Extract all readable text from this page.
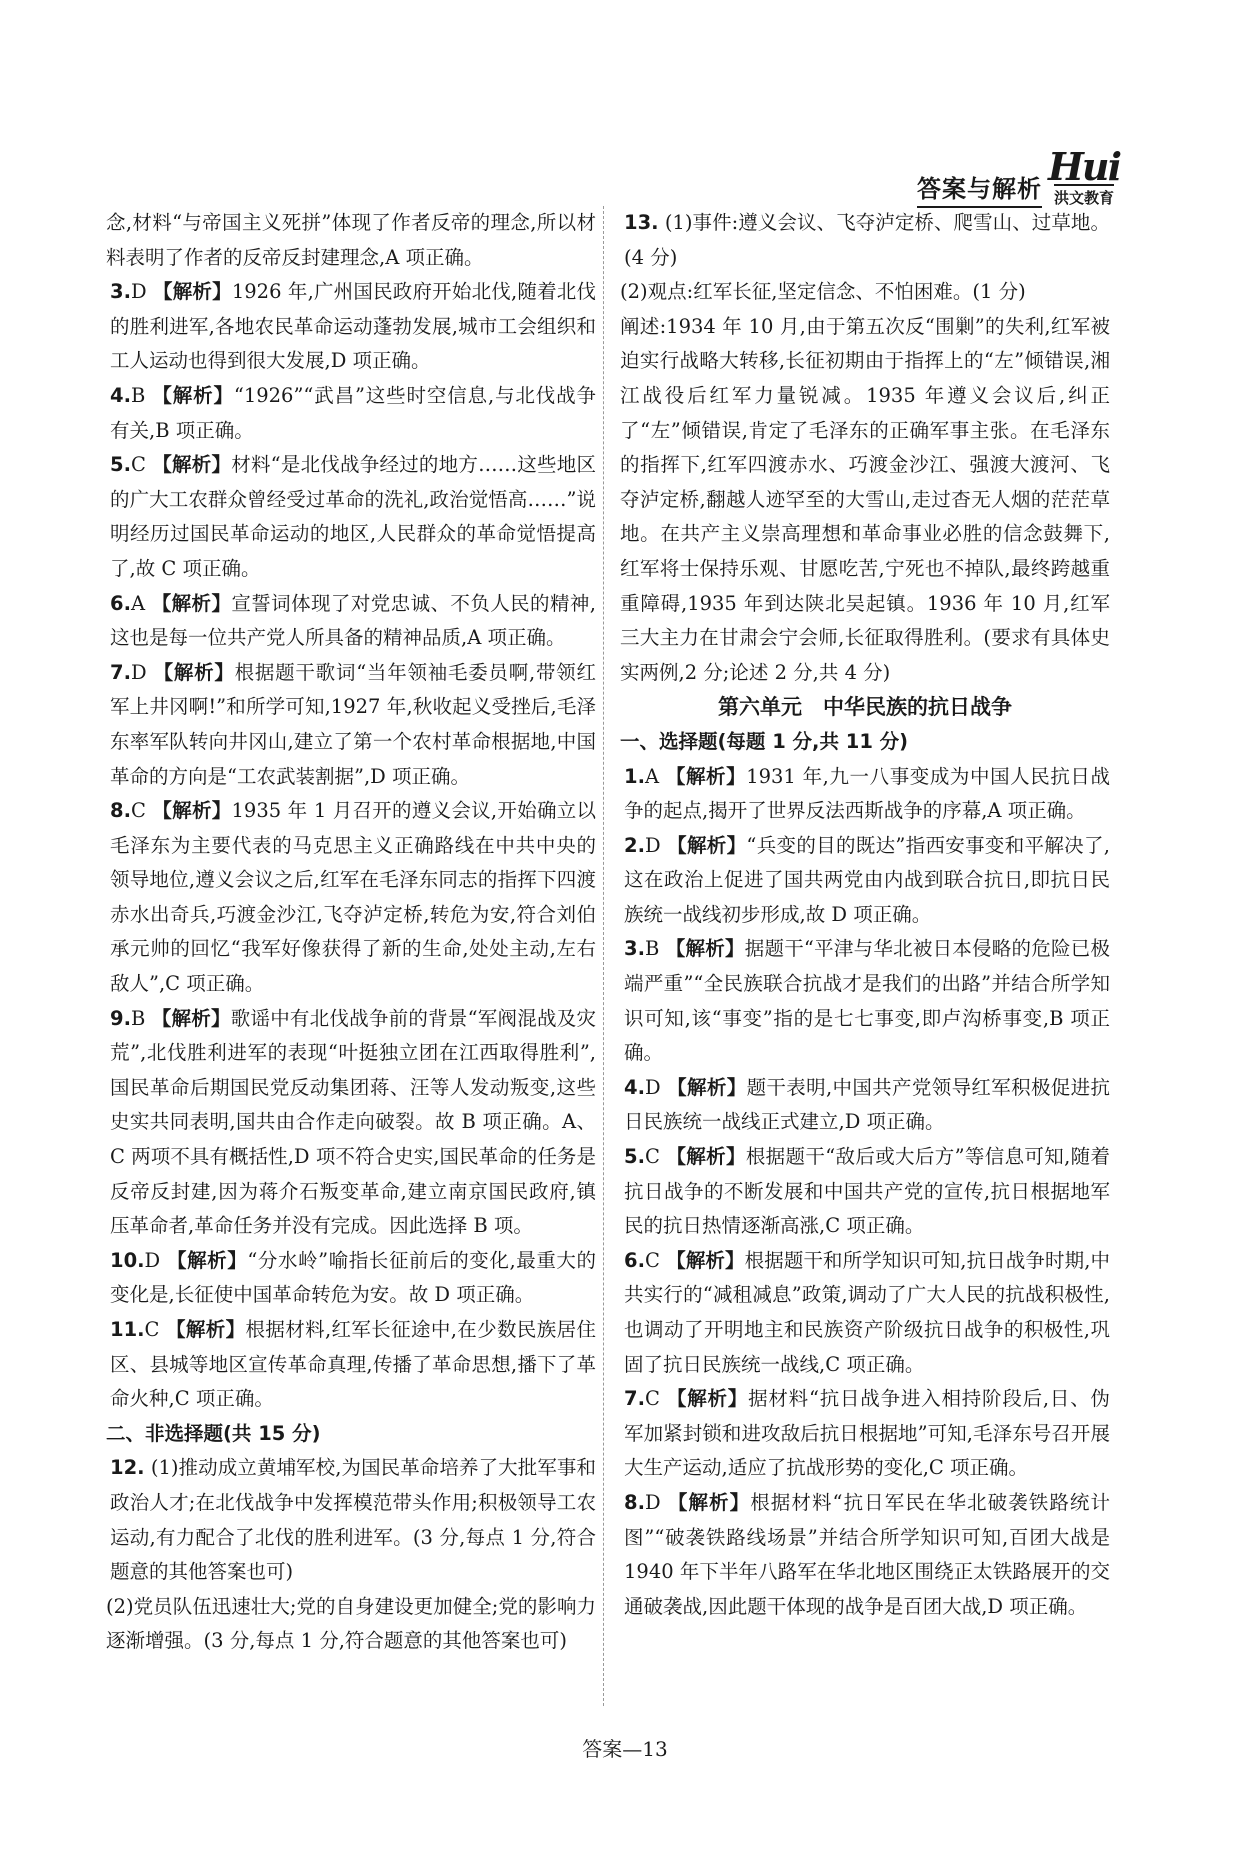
答案与解析 Hui
洪文教育

念,材料“与帝国主义死拼”体现了作者反帝的理念,所以材料表明了作者的反帝反封建理念,A 项正确。

3.D 【解析】1926 年,广州国民政府开始北伐,随着北伐的胜利进军,各地农民革命运动蓬勃发展,城市工会组织和工人运动也得到很大发展,D 项正确。

4.B 【解析】“1926”“武昌”这些时空信息,与北伐战争有关,B 项正确。

5.C 【解析】材料“是北伐战争经过的地方……这些地区的广大工农群众曾经受过革命的洗礼,政治觉悟高……”说明经历过国民革命运动的地区,人民群众的革命觉悟提高了,故 C 项正确。

6.A 【解析】宣誓词体现了对党忠诚、不负人民的精神,这也是每一位共产党人所具备的精神品质,A 项正确。

7.D 【解析】根据题干歌词“当年领袖毛委员啊,带领红军上井冈啊!”和所学可知,1927 年,秋收起义受挫后,毛泽东率军队转向井冈山,建立了第一个农村革命根据地,中国革命的方向是“工农武装割据”,D 项正确。

8.C 【解析】1935 年 1 月召开的遵义会议,开始确立以毛泽东为主要代表的马克思主义正确路线在中共中央的领导地位,遵义会议之后,红军在毛泽东同志的指挥下四渡赤水出奇兵,巧渡金沙江,飞夺泸定桥,转危为安,符合刘伯承元帅的回忆“我军好像获得了新的生命,处处主动,左右敌人”,C 项正确。

9.B 【解析】歌谣中有北伐战争前的背景“军阀混战及灾荒”,北伐胜利进军的表现“叶挺独立团在江西取得胜利”,国民革命后期国民党反动集团蒋、汪等人发动叛变,这些史实共同表明,国共由合作走向破裂。故 B 项正确。A、C 两项不具有概括性,D 项不符合史实,国民革命的任务是反帝反封建,因为蒋介石叛变革命,建立南京国民政府,镇压革命者,革命任务并没有完成。因此选择 B 项。

10.D 【解析】“分水岭”喻指长征前后的变化,最重大的变化是,长征使中国革命转危为安。故 D 项正确。

11.C 【解析】根据材料,红军长征途中,在少数民族居住区、县城等地区宣传革命真理,传播了革命思想,播下了革命火种,C 项正确。

二、非选择题(共 15 分)

12. (1)推动成立黄埔军校,为国民革命培养了大批军事和政治人才;在北伐战争中发挥模范带头作用;积极领导工农运动,有力配合了北伐的胜利进军。(3 分,每点 1 分,符合题意的其他答案也可)

(2)党员队伍迅速壮大;党的自身建设更加健全;党的影响力逐渐增强。(3 分,每点 1 分,符合题意的其他答案也可)

13. (1)事件:遵义会议、飞夺泸定桥、爬雪山、过草地。(4 分)

(2)观点:红军长征,坚定信念、不怕困难。(1 分)

阐述:1934 年 10 月,由于第五次反“围剿”的失利,红军被迫实行战略大转移,长征初期由于指挥上的“左”倾错误,湘江战役后红军力量锐减。1935 年遵义会议后,纠正了“左”倾错误,肯定了毛泽东的正确军事主张。在毛泽东的指挥下,红军四渡赤水、巧渡金沙江、强渡大渡河、飞夺泸定桥,翻越人迹罕至的大雪山,走过杳无人烟的茫茫草地。在共产主义崇高理想和革命事业必胜的信念鼓舞下,红军将士保持乐观、甘愿吃苦,宁死也不掉队,最终跨越重重障碍,1935 年到达陕北吴起镇。1936 年 10 月,红军三大主力在甘肃会宁会师,长征取得胜利。(要求有具体史实两例,2 分;论述 2 分,共 4 分)

第六单元　中华民族的抗日战争

一、选择题(每题 1 分,共 11 分)

1.A 【解析】1931 年,九一八事变成为中国人民抗日战争的起点,揭开了世界反法西斯战争的序幕,A 项正确。

2.D 【解析】“兵变的目的既达”指西安事变和平解决了,这在政治上促进了国共两党由内战到联合抗日,即抗日民族统一战线初步形成,故 D 项正确。

3.B 【解析】据题干“平津与华北被日本侵略的危险已极端严重”“全民族联合抗战才是我们的出路”并结合所学知识可知,该“事变”指的是七七事变,即卢沟桥事变,B 项正确。

4.D 【解析】题干表明,中国共产党领导红军积极促进抗日民族统一战线正式建立,D 项正确。

5.C 【解析】根据题干“敌后或大后方”等信息可知,随着抗日战争的不断发展和中国共产党的宣传,抗日根据地军民的抗日热情逐渐高涨,C 项正确。

6.C 【解析】根据题干和所学知识可知,抗日战争时期,中共实行的“减租减息”政策,调动了广大人民的抗战积极性,也调动了开明地主和民族资产阶级抗日战争的积极性,巩固了抗日民族统一战线,C 项正确。

7.C 【解析】据材料“抗日战争进入相持阶段后,日、伪军加紧封锁和进攻敌后抗日根据地”可知,毛泽东号召开展大生产运动,适应了抗战形势的变化,C 项正确。

8.D 【解析】根据材料“抗日军民在华北破袭铁路统计图”“破袭铁路线场景”并结合所学知识可知,百团大战是 1940 年下半年八路军在华北地区围绕正太铁路展开的交通破袭战,因此题干体现的战争是百团大战,D 项正确。

答案—13
